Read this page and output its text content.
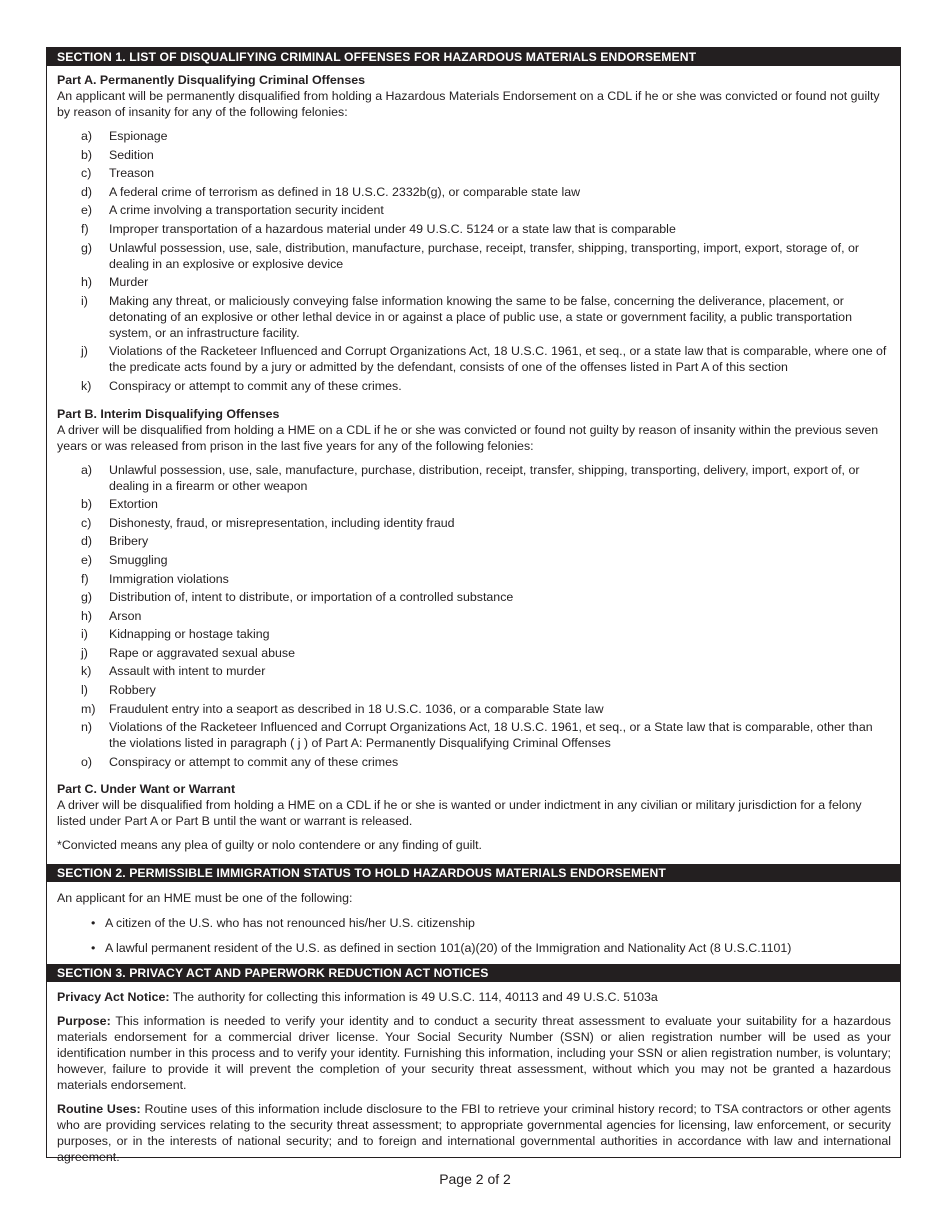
SECTION 1. LIST OF DISQUALIFYING CRIMINAL OFFENSES FOR HAZARDOUS MATERIALS ENDORSEMENT
Part A. Permanently Disqualifying Criminal Offenses

An applicant will be permanently disqualified from holding a Hazardous Materials Endorsement on a CDL if he or she was convicted or found not guilty by reason of insanity for any of the following felonies:

a)	Espionage
b)	Sedition
c)	Treason
d)	A federal crime of terrorism as defined in 18 U.S.C. 2332b(g), or comparable state law
e)	A crime involving a transportation security incident
f)	Improper transportation of a hazardous material under 49 U.S.C. 5124 or a state law that is comparable
g)	Unlawful possession, use, sale, distribution, manufacture, purchase, receipt, transfer, shipping, transporting, import, export, storage of, or dealing in an explosive or explosive device
h)	Murder
i)	Making any threat, or maliciously conveying false information knowing the same to be false, concerning the deliverance, placement, or detonating of an explosive or other lethal device in or against a place of public use, a state or government facility, a public transportation system, or an infrastructure facility.
j)	Violations of the Racketeer Influenced and Corrupt Organizations Act, 18 U.S.C. 1961, et seq., or a state law that is comparable, where one of the predicate acts found by a jury or admitted by the defendant, consists of one of the offenses listed in Part A of this section
k)	Conspiracy or attempt to commit any of these crimes.
Part B. Interim Disqualifying Offenses

A driver will be disqualified from holding a HME on a CDL if he or she was convicted or found not guilty by reason of insanity within the previous seven years or was released from prison in the last five years for any of the following felonies:

a)	Unlawful possession, use, sale, manufacture, purchase, distribution, receipt, transfer, shipping, transporting, delivery, import, export of, or dealing in a firearm or other weapon
b)	Extortion
c)	Dishonesty, fraud, or misrepresentation, including identity fraud
d)	Bribery
e)	Smuggling
f)	Immigration violations
g)	Distribution of, intent to distribute, or importation of a controlled substance
h)	Arson
i)	Kidnapping or hostage taking
j)	Rape or aggravated sexual abuse
k)	Assault with intent to murder
l)	Robbery
m)	Fraudulent entry into a seaport as described in 18 U.S.C. 1036, or a comparable State law
n)	Violations of the Racketeer Influenced and Corrupt Organizations Act, 18 U.S.C. 1961, et seq., or a State law that is comparable, other than the violations listed in paragraph ( j ) of Part A: Permanently Disqualifying Criminal Offenses
o)	Conspiracy or attempt to commit any of these crimes
Part C. Under Want or Warrant

A driver will be disqualified from holding a HME on a CDL if he or she is wanted or under indictment in any civilian or military jurisdiction for a felony listed under Part A or Part B until the want or warrant is released.

*Convicted means any plea of guilty or nolo contendere or any finding of guilt.

SECTION 2. PERMISSIBLE IMMIGRATION STATUS TO HOLD HAZARDOUS MATERIALS ENDORSEMENT

An applicant for an HME must be one of the following:

• A citizen of the U.S. who has not renounced his/her U.S. citizenship
• A lawful permanent resident of the U.S. as defined in section 101(a)(20) of the Immigration and Nationality Act (8 U.S.C.1101)
SECTION 3. PRIVACY ACT AND PAPERWORK REDUCTION ACT NOTICES

Privacy Act Notice: The authority for collecting this information is 49 U.S.C. 114, 40113 and 49 U.S.C. 5103a

Purpose: This information is needed to verify your identity and to conduct a security threat assessment to evaluate your suitability for a hazardous materials endorsement for a commercial driver license. Your Social Security Number (SSN) or alien registration number will be used as your identification number in this process and to verify your identity. Furnishing this information, including your SSN or alien registration number, is voluntary; however, failure to provide it will prevent the completion of your security threat assessment, without which you may not be granted a hazardous materials endorsement.

Routine Uses: Routine uses of this information include disclosure to the FBI to retrieve your criminal history record; to TSA contractors or other agents who are providing services relating to the security threat assessment; to appropriate governmental agencies for licensing, law enforcement, or security purposes, or in the interests of national security; and to foreign and international governmental authorities in accordance with law and international agreement.

Page 2 of 2
